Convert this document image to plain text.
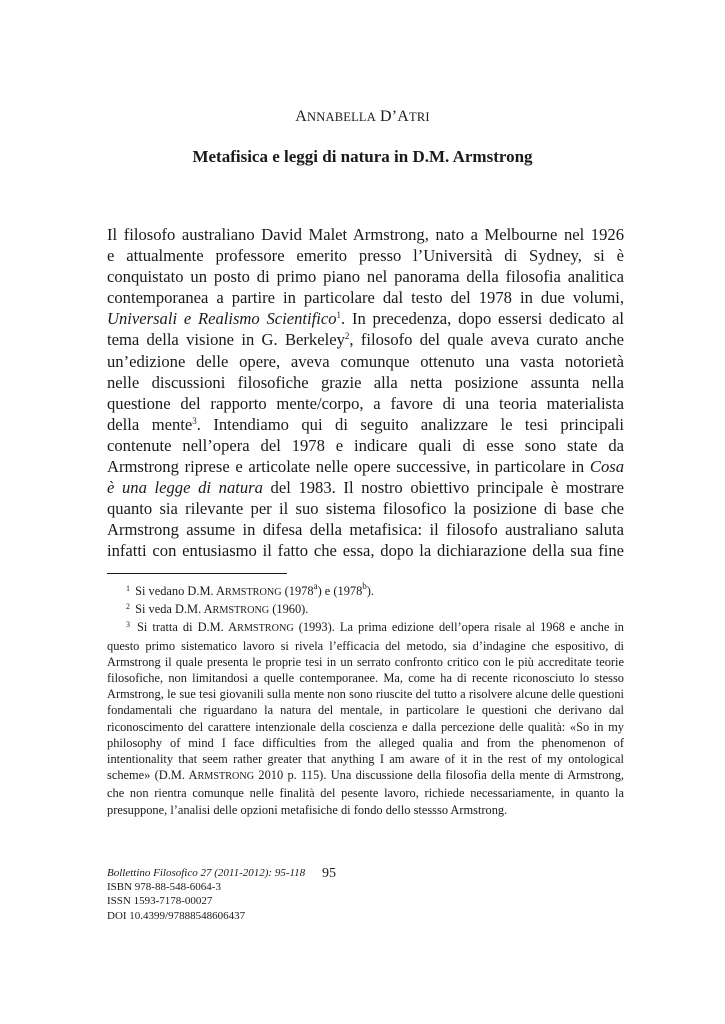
ANNABELLA D’ATRI
Metafisica e leggi di natura in D.M. Armstrong
Il filosofo australiano David Malet Armstrong, nato a Melbourne nel 1926
e attualmente professore emerito presso l’Università di Sydney, si è
conquistato un posto di primo piano nel panorama della filosofia analitica
contemporanea a partire in particolare dal testo del 1978 in due volumi,
Universali e Realismo Scientifico$^1$. In precedenza, dopo essersi dedicato al
tema della visione in G. Berkeley$^2$, filosofo del quale aveva curato anche
un’edizione delle opere, aveva comunque ottenuto una vasta notorietà
nelle discussioni filosofiche grazie alla netta posizione assunta nella
questione del rapporto mente/corpo, a favore di una teoria materialista
della mente$^3$. Intendiamo qui di seguito analizzare le tesi principali
contenute nell’opera del 1978 e indicare quali di esse sono state da
Armstrong riprese e articolate nelle opere successive, in particolare in Cosa
è una legge di natura del 1983. Il nostro obiettivo principale è mostrare
quanto sia rilevante per il suo sistema filosofico la posizione di base che
Armstrong assume in difesa della metafisica: il filosofo australiano saluta
infatti con entusiasmo il fatto che essa, dopo la dichiarazione della sua fine

$^1$ Si vedano D.M. ARMSTRONG (1978$^a$) e (1978$^b$).

$^2$ Si veda D.M. ARMSTRONG (1960).

$^3$ Si tratta di D.M. ARMSTRONG (1993). La prima edizione dell’opera risale al 1968 e anche in questo primo sistematico lavoro si rivela l’efficacia del metodo, sia d’indagine che espositivo, di Armstrong il quale presenta le proprie tesi in un serrato confronto critico con le più accreditate teorie filosofiche, non limitandosi a quelle contemporanee. Ma, come ha di recente riconosciuto lo stesso Armstrong, le sue tesi giovanili sulla mente non sono riuscite del tutto a risolvere alcune delle questioni fondamentali che riguardano la natura del mentale, in particolare le questioni che derivano dal riconoscimento del carattere intenzionale della coscienza e dalla percezione delle qualità: «So in my philosophy of mind I face difficulties from the alleged qualia and from the phenomenon of intentionality that seem rather greater that anything I am aware of it in the rest of my ontological scheme» (D.M. ARMSTRONG 2010 p. 115). Una discussione della filosofia della mente di Armstrong, che non rientra comunque nelle finalità del pesente lavoro, richiede necessariamente, in quanto la presuppone, l’analisi delle opzioni metafisiche di fondo dello stessso Armstrong.

Bollettino Filosofico 27 (2011-2012): 95-118
ISBN 978-88-548-6064-3
ISSN 1593-7178-00027
DOI 10.4399/97888548606437
95
